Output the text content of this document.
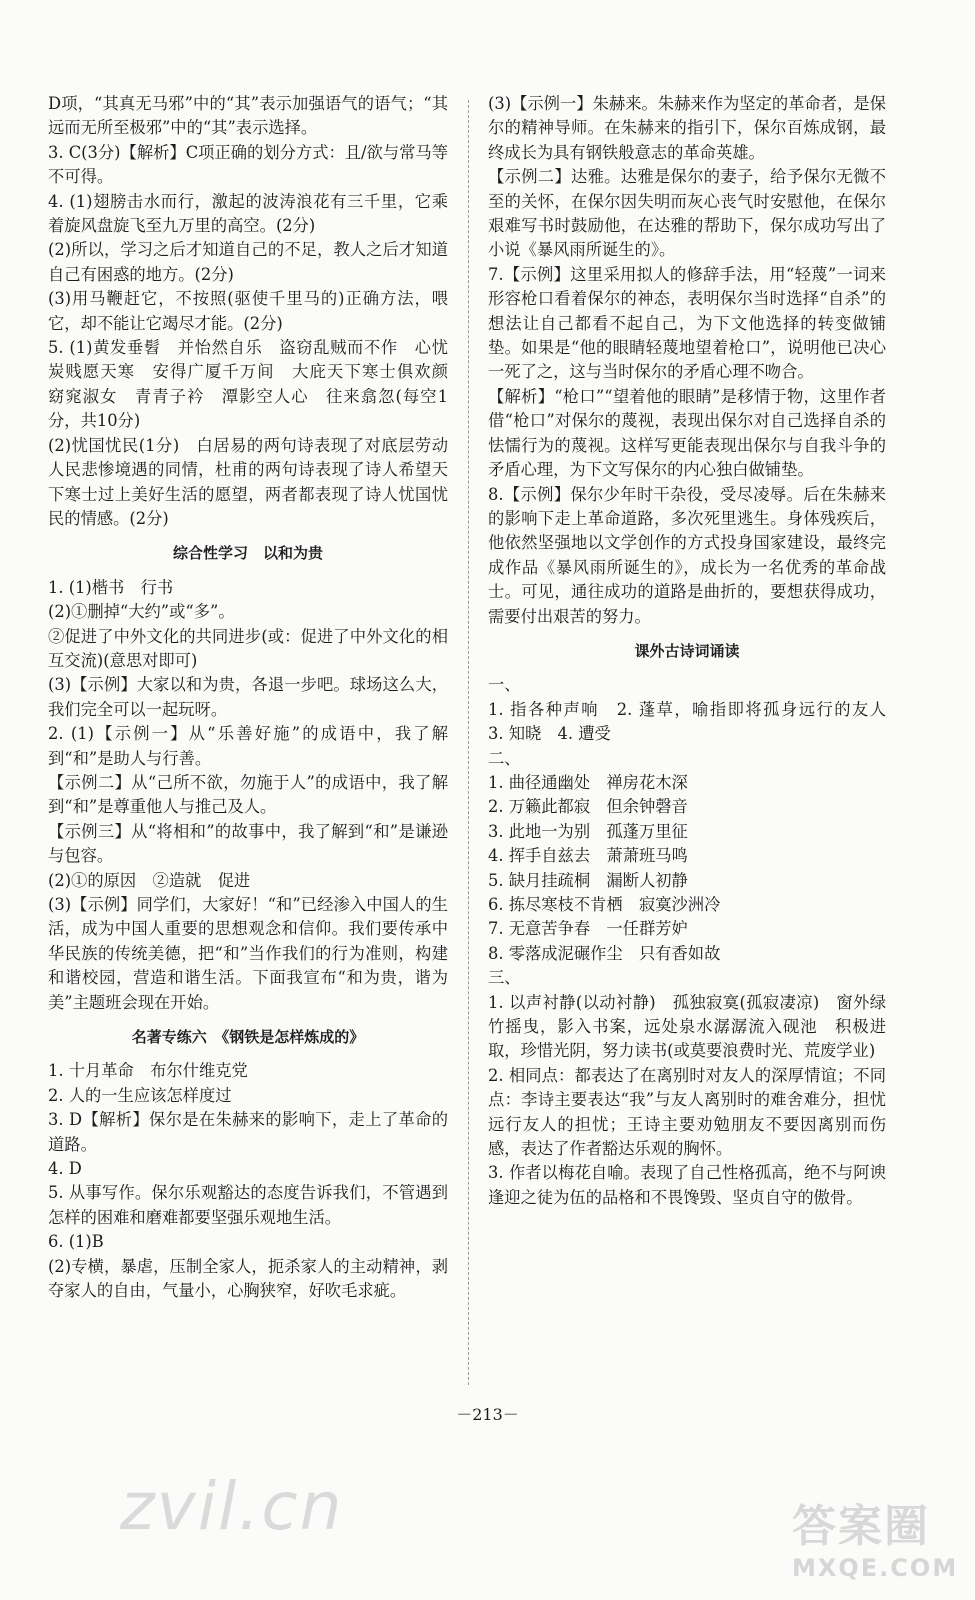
D项，“其真无马邪”中的“其”表示加强语气的语气；“其远而无所至极邪”中的“其”表示选择。
3. C(3分)【解析】C项正确的划分方式：且/欲与常马等不可得。
4. (1)翅膀击水而行，激起的波涛浪花有三千里，它乘着旋风盘旋飞至九万里的高空。(2分)
(2)所以，学习之后才知道自己的不足，教人之后才知道自己有困惑的地方。(2分)
(3)用马鞭赶它，不按照(驱使千里马的)正确方法，喂它，却不能让它竭尽才能。(2分)
5. (1)黄发垂髫　并怡然自乐　盗窃乱贼而不作　心忧炭贱愿天寒　安得广厦千万间　大庇天下寒士俱欢颜　窈窕淑女　青青子衿　潭影空人心　往来翕忽(每空1分，共10分)
(2)忧国忧民(1分)　白居易的两句诗表现了对底层劳动人民悲惨境遇的同情，杜甫的两句诗表现了诗人希望天下寒士过上美好生活的愿望，两者都表现了诗人忧国忧民的情感。(2分)
综合性学习　以和为贵
1. (1)楷书　行书
(2)①删掉“大约”或“多”。
②促进了中外文化的共同进步(或：促进了中外文化的相互交流)(意思对即可)
(3)【示例】大家以和为贵，各退一步吧。球场这么大，我们完全可以一起玩呀。
2. (1)【示例一】从“乐善好施”的成语中，我了解到“和”是助人与行善。
【示例二】从“己所不欲，勿施于人”的成语中，我了解到“和”是尊重他人与推己及人。
【示例三】从“将相和”的故事中，我了解到“和”是谦逊与包容。
(2)①的原因　②造就　促进
(3)【示例】同学们，大家好！“和”已经渗入中国人的生活，成为中国人重要的思想观念和信仰。我们要传承中华民族的传统美德，把“和”当作我们的行为准则，构建和谐校园，营造和谐生活。下面我宣布“和为贵，谐为美”主题班会现在开始。
名著专练六　《钢铁是怎样炼成的》
1. 十月革命　布尔什维克党
2. 人的一生应该怎样度过
3. D【解析】保尔是在朱赫来的影响下，走上了革命的道路。
4. D
5. 从事写作。保尔乐观豁达的态度告诉我们，不管遇到怎样的困难和磨难都要坚强乐观地生活。
6. (1)B
(2)专横，暴虐，压制全家人，扼杀家人的主动精神，剥夺家人的自由，气量小，心胸狭窄，好吹毛求疵。
(3)【示例一】朱赫来。朱赫来作为坚定的革命者，是保尔的精神导师。在朱赫来的指引下，保尔百炼成钢，最终成长为具有钢铁般意志的革命英雄。
【示例二】达雅。达雅是保尔的妻子，给予保尔无微不至的关怀，在保尔因失明而灰心丧气时安慰他，在保尔艰难写书时鼓励他，在达雅的帮助下，保尔成功写出了小说《暴风雨所诞生的》。
7.【示例】这里采用拟人的修辞手法，用“轻蔑”一词来形容枪口看着保尔的神态，表明保尔当时选择“自杀”的想法让自己都看不起自己，为下文他选择的转变做铺垫。如果是“他的眼睛轻蔑地望着枪口”，说明他已决心一死了之，这与当时保尔的矛盾心理不吻合。
【解析】“枪口”“望着他的眼睛”是移情于物，这里作者借“枪口”对保尔的蔑视，表现出保尔对自己选择自杀的怯懦行为的蔑视。这样写更能表现出保尔与自我斗争的矛盾心理，为下文写保尔的内心独白做铺垫。
8.【示例】保尔少年时干杂役，受尽凌辱。后在朱赫来的影响下走上革命道路，多次死里逃生。身体残疾后，他依然坚强地以文学创作的方式投身国家建设，最终完成作品《暴风雨所诞生的》，成长为一名优秀的革命战士。可见，通往成功的道路是曲折的，要想获得成功，需要付出艰苦的努力。
课外古诗词诵读
一、
1. 指各种声响　2. 蓬草，喻指即将孤身远行的友人　3. 知晓　4. 遭受
二、
1. 曲径通幽处　禅房花木深
2. 万籁此都寂　但余钟磬音
3. 此地一为别　孤蓬万里征
4. 挥手自兹去　萧萧班马鸣
5. 缺月挂疏桐　漏断人初静
6. 拣尽寒枝不肯栖　寂寞沙洲冷
7. 无意苦争春　一任群芳妒
8. 零落成泥碾作尘　只有香如故
三、
1. 以声衬静(以动衬静)　孤独寂寞(孤寂凄凉)　窗外绿竹摇曳，影入书案，远处泉水潺潺流入砚池　积极进取，珍惜光阴，努力读书(或莫要浪费时光、荒废学业)
2. 相同点：都表达了在离别时对友人的深厚情谊；不同点：李诗主要表达“我”与友人离别时的难舍难分，担忧远行友人的担忧；王诗主要劝勉朋友不要因离别而伤感，表达了作者豁达乐观的胸怀。
3. 作者以梅花自喻。表现了自己性格孤高，绝不与阿谀逢迎之徒为伍的品格和不畏馋毁、坚贞自守的傲骨。
－213－
zvil.cn	答案圈
MXQE.COM
